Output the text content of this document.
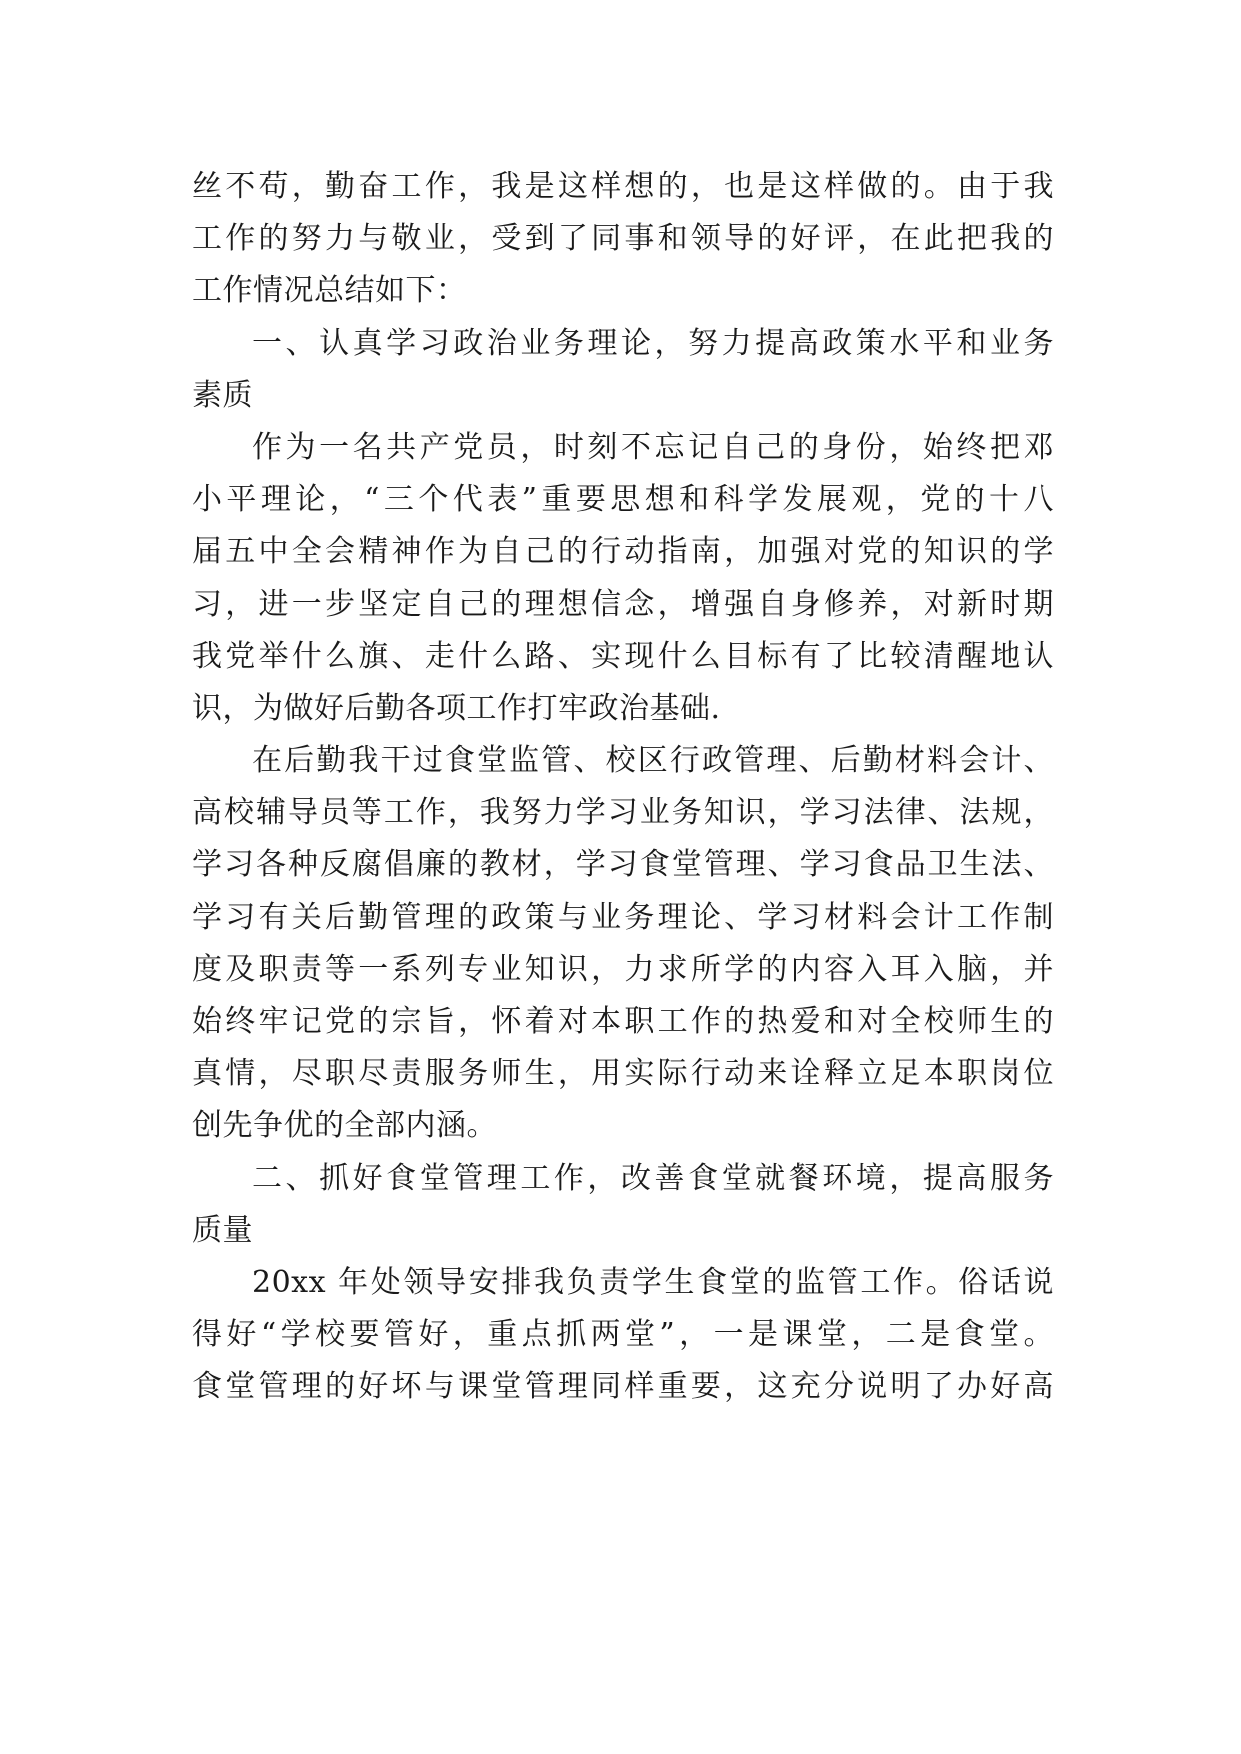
丝不苟，勤奋工作，我是这样想的，也是这样做的。由于我
工作的努力与敬业，受到了同事和领导的好评，在此把我的
工作情况总结如下：
一、认真学习政治业务理论，努力提高政策水平和业务
素质
作为一名共产党员，时刻不忘记自己的身份，始终把邓
小平理论，“三个代表”重要思想和科学发展观，党的十八
届五中全会精神作为自己的行动指南，加强对党的知识的学
习，进一步坚定自己的理想信念，增强自身修养，对新时期
我党举什么旗、走什么路、实现什么目标有了比较清醒地认
识，为做好后勤各项工作打牢政治基础.
在后勤我干过食堂监管、校区行政管理、后勤材料会计、
高校辅导员等工作，我努力学习业务知识，学习法律、法规，
学习各种反腐倡廉的教材，学习食堂管理、学习食品卫生法、
学习有关后勤管理的政策与业务理论、学习材料会计工作制
度及职责等一系列专业知识，力求所学的内容入耳入脑，并
始终牢记党的宗旨，怀着对本职工作的热爱和对全校师生的
真情，尽职尽责服务师生，用实际行动来诠释立足本职岗位
创先争优的全部内涵。
二、抓好食堂管理工作，改善食堂就餐环境，提高服务
质量
20xx 年处领导安排我负责学生食堂的监管工作。俗话说
得好“学校要管好，重点抓两堂”，一是课堂，二是食堂。
食堂管理的好坏与课堂管理同样重要，这充分说明了办好高
